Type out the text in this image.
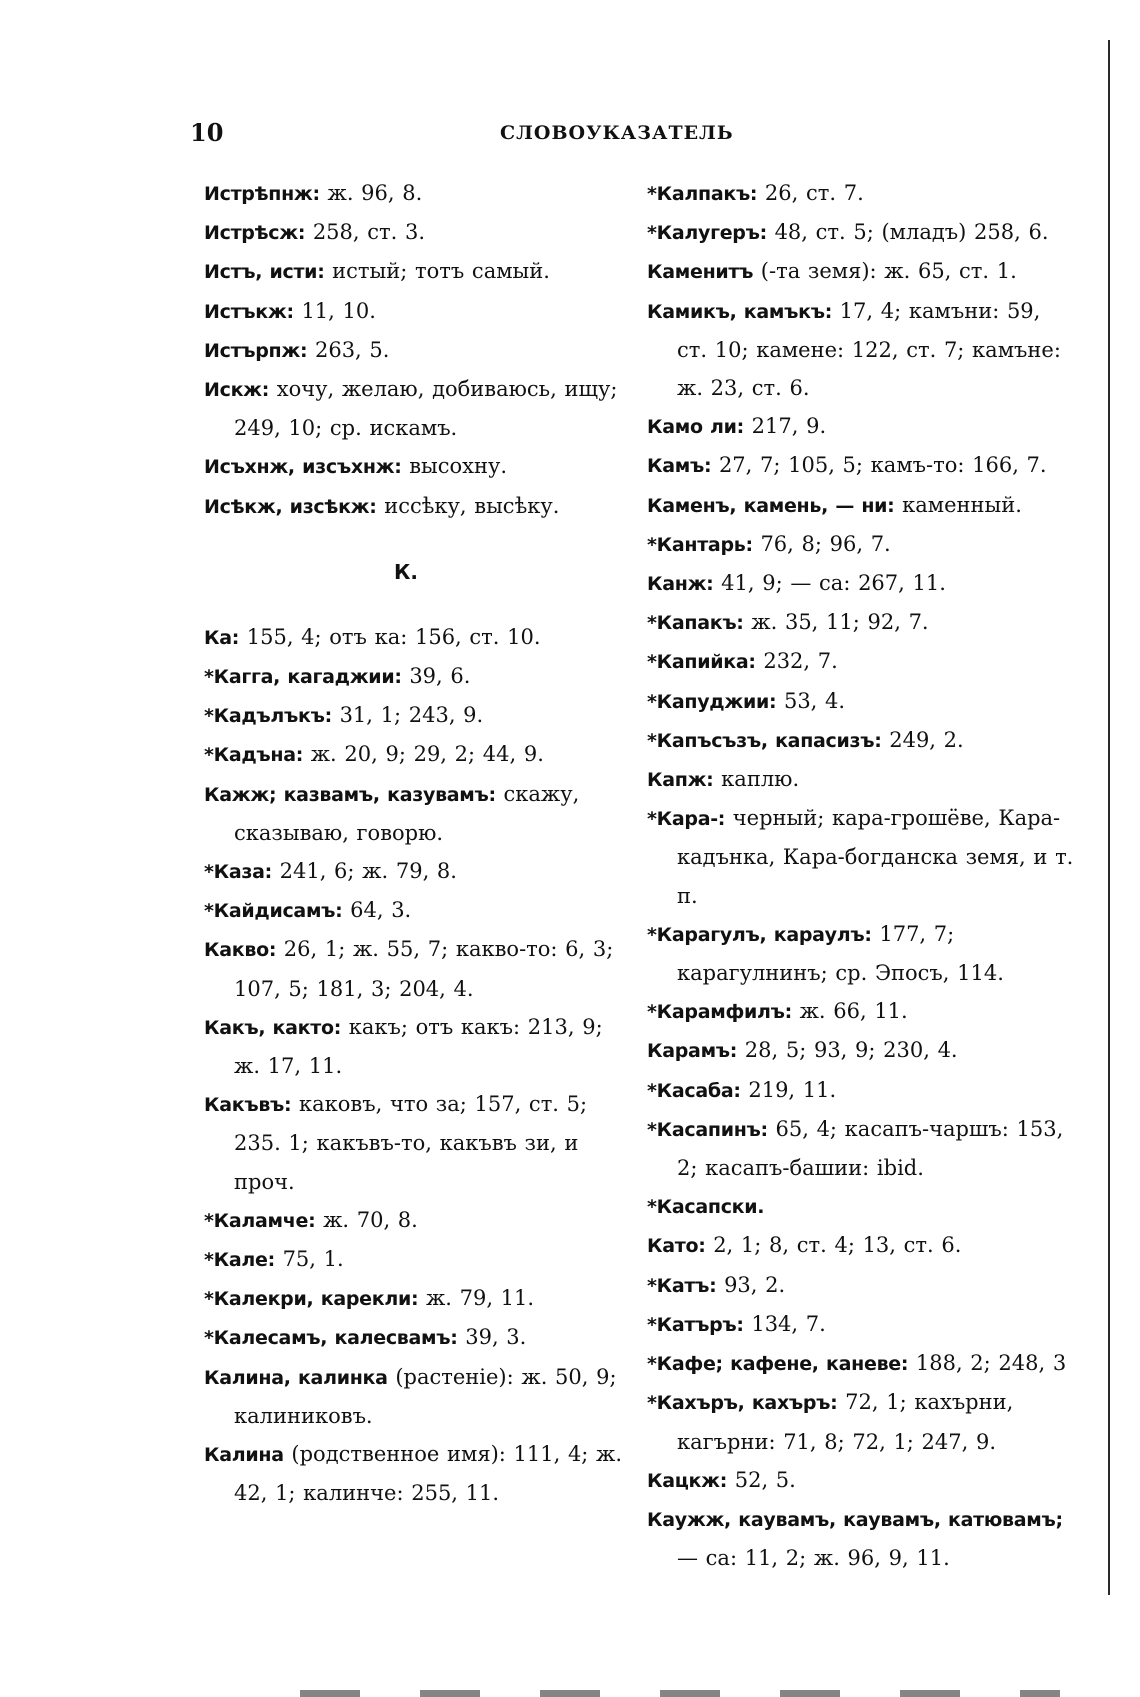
10	СЛОВОУКАЗАТЕЛЬ
Истрѣпнж: ж. 96, 8.
Истрѣсж: 258, ст. 3.
Истъ, исти: истый; тотъ самый.
Истъкж: 11, 10.
Истърпж: 263, 5.
Искж: хочу, желаю, добиваюсь, ищу; 249, 10; ср. искамъ.
Исъхнж, изсъхнж: высохну.
Исѣкж, изсѣкж: иссѣку, высѣку.
К.
Ка: 155, 4; отъ ка: 156, ст. 10.
*Кагга, кагаджии: 39, 6.
*Кадълъкъ: 31, 1; 243, 9.
*Кадъна: ж. 20, 9; 29, 2; 44, 9.
Кажж; казвамъ, казувамъ: скажу, сказываю, говорю.
*Каза: 241, 6; ж. 79, 8.
*Кайдисамъ: 64, 3.
Какво: 26, 1; ж. 55, 7; какво-то: 6, 3; 107, 5; 181, 3; 204, 4.
Какъ, както: какъ; отъ какъ: 213, 9; ж. 17, 11.
Какъвъ: каковъ, что за; 157, ст. 5; 235. 1; какъвъ-то, какъвъ зи, и проч.
*Каламче: ж. 70, 8.
*Кале: 75, 1.
*Калекри, карекли: ж. 79, 11.
*Калесамъ, калесвамъ: 39, 3.
Калина, калинка (растеніе): ж. 50, 9; калиниковъ.
Калина (родственное имя): 111, 4; ж. 42, 1; калинче: 255, 11.
*Калпакъ: 26, ст. 7.
*Калугеръ: 48, ст. 5; (младъ) 258, 6.
Каменитъ (-та земя): ж. 65, ст. 1.
Камикъ, камъкъ: 17, 4; камъни: 59, ст. 10; камене: 122, ст. 7; камъне: ж. 23, ст. 6.
Камо ли: 217, 9.
Камъ: 27, 7; 105, 5; камъ-то: 166, 7.
Каменъ, камень, — ни: каменный.
*Кантарь: 76, 8; 96, 7.
Канж: 41, 9; — са: 267, 11.
*Капакъ: ж. 35, 11; 92, 7.
*Капийка: 232, 7.
*Капуджии: 53, 4.
*Капъсъзъ, капасизъ: 249, 2.
Капж: каплю.
*Кара-: черный; кара-грошёве, Кара-кадънка, Кара-богданска земя, и т. п.
*Карагулъ, караулъ: 177, 7; карагулнинъ; ср. Эпосъ, 114.
*Карамфилъ: ж. 66, 11.
Карамъ: 28, 5; 93, 9; 230, 4.
*Касаба: 219, 11.
*Касапинъ: 65, 4; касапъ-чаршъ: 153, 2; касапъ-башии: ibid.
*Касапски.
Като: 2, 1; 8, ст. 4; 13, ст. 6.
*Катъ: 93, 2.
*Катъръ: 134, 7.
*Кафе; кафене, каневе: 188, 2; 248, 3
*Кахъръ, кахъръ: 72, 1; кахърни, кагърни: 71, 8; 72, 1; 247, 9.
Кацкж: 52, 5.
Каужж, каувамъ, каувамъ, катювамъ; — са: 11, 2; ж. 96, 9, 11.
